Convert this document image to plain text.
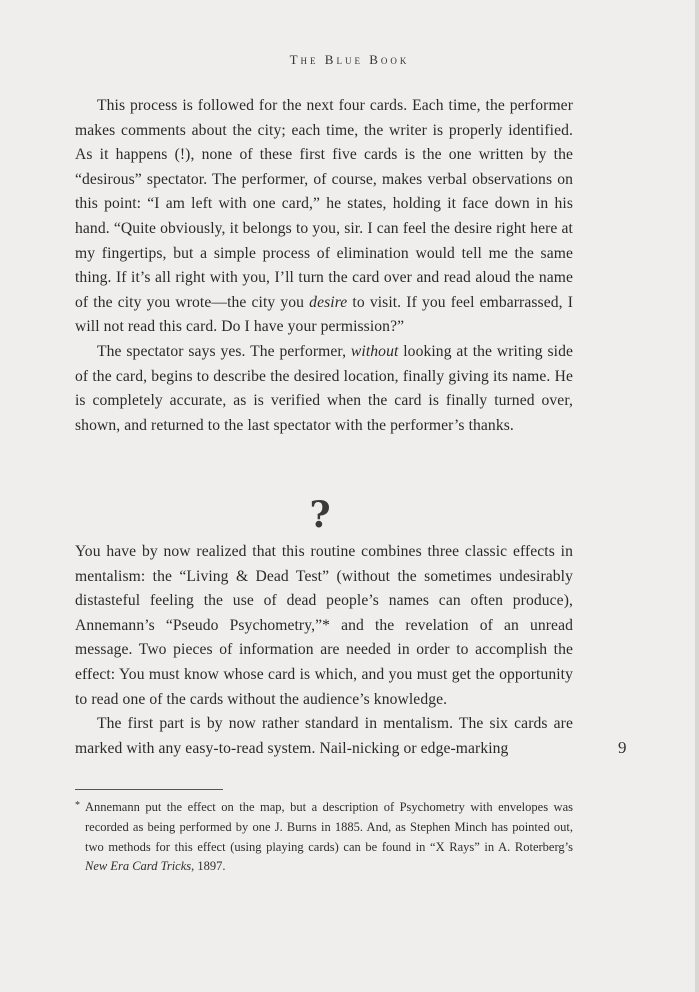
The Blue Book

This process is followed for the next four cards. Each time, the performer makes comments about the city; each time, the writer is properly identified. As it happens (!), none of these first five cards is the one written by the “desirous” spectator. The performer, of course, makes verbal observations on this point: “I am left with one card,” he states, holding it face down in his hand. “Quite obviously, it belongs to you, sir. I can feel the desire right here at my fingertips, but a simple process of elimination would tell me the same thing. If it’s all right with you, I’ll turn the card over and read aloud the name of the city you wrote—the city you desire to visit. If you feel embarrassed, I will not read this card. Do I have your permission?”

The spectator says yes. The performer, without looking at the writing side of the card, begins to describe the desired location, finally giving its name. He is completely accurate, as is verified when the card is finally turned over, shown, and returned to the last spectator with the performer’s thanks.

?

You have by now realized that this routine combines three classic effects in mentalism: the “Living & Dead Test” (without the sometimes undesirably distasteful feeling the use of dead people’s names can often produce), Annemann’s “Pseudo Psychometry,”* and the revelation of an unread message. Two pieces of information are needed in order to accomplish the effect: You must know whose card is which, and you must get the opportunity to read one of the cards without the audience’s knowledge.

The first part is by now rather standard in mentalism. The six cards are marked with any easy-to-read system. Nail-nicking or edge-marking	9
* Annemann put the effect on the map, but a description of Psychometry with envelopes was recorded as being performed by one J. Burns in 1885. And, as Stephen Minch has pointed out, two methods for this effect (using playing cards) can be found in “X Rays” in A. Roterberg’s New Era Card Tricks, 1897.
